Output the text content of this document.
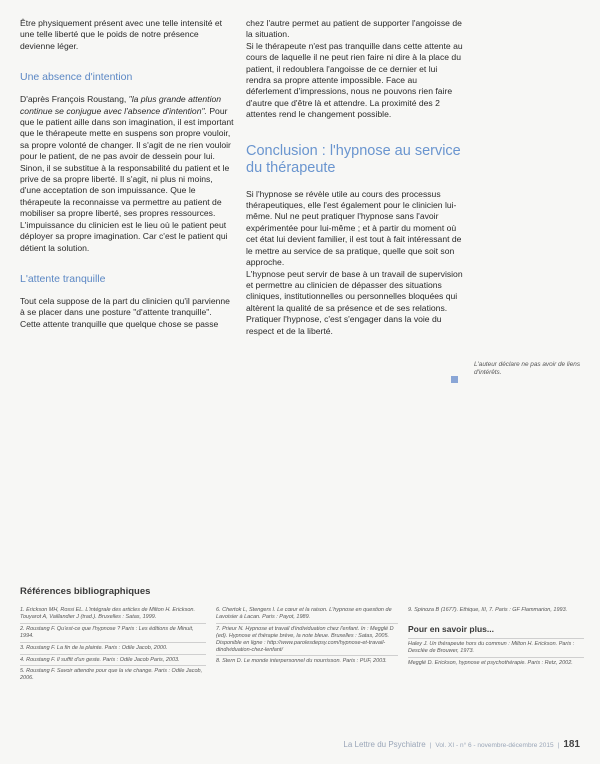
Être physiquement présent avec une telle intensité et une telle liberté que le poids de notre présence devienne léger.

Une absence d'intention

D'après François Roustang, "la plus grande attention continue se conjugue avec l'absence d'intention". Pour que le patient aille dans son imagination, il est important que le thérapeute mette en suspens son propre vouloir, sa propre volonté de changer. Il s'agit de ne rien vouloir pour le patient, de ne pas avoir de dessein pour lui. Sinon, il se substitue à la responsabilité du patient et le prive de sa propre liberté. Il s'agit, ni plus ni moins, d'une acceptation de son impuissance. Que le thérapeute la reconnaisse va permettre au patient de mobiliser sa propre liberté, ses propres ressources. L'impuissance du clinicien est le lieu où le patient peut déployer sa propre imagination. Car c'est le patient qui détient la solution.

L'attente tranquille

Tout cela suppose de la part du clinicien qu'il parvienne à se placer dans une posture "d'attente tranquille". Cette attente tranquille que quelque chose se passe

chez l'autre permet au patient de supporter l'angoisse de la situation.

Si le thérapeute n'est pas tranquille dans cette attente au cours de laquelle il ne peut rien faire ni dire à la place du patient, il redoublera l'angoisse de ce dernier et lui rendra sa propre attente impossible. Face au déferlement d'impressions, nous ne pouvons rien faire d'autre que d'être là et attendre. La proximité des 2 attentes rend le changement possible.

Conclusion : l'hypnose au service du thérapeute

Si l'hypnose se révèle utile au cours des processus thérapeutiques, elle l'est également pour le clinicien lui-même. Nul ne peut pratiquer l'hypnose sans l'avoir expérimentée pour lui-même ; et à partir du moment où cet état lui devient familier, il est tout à fait intéressant de le mettre au service de sa pratique, quelle que soit son approche.

L'hypnose peut servir de base à un travail de supervision et permettre au clinicien de dépasser des situations cliniques, institutionnelles ou personnelles bloquées qui altèrent la qualité de sa présence et de ses relations. Pratiquer l'hypnose, c'est s'engager dans la voie du respect et de la liberté.

L'auteur déclare ne pas avoir de liens d'intérêts.
Références bibliographiques
1. Erickson MH, Rossi EL. L'intégrale des articles de Milton H. Erickson. Touyarot A, Vaillandier J (trad.). Bruxelles : Satas, 1999.
2. Roustang F. Qu'est-ce que l'hypnose ? Paris : Les éditions de Minuit, 1994.
3. Roustang F. La fin de la plainte. Paris : Odile Jacob, 2000.
4. Roustang F. Il suffit d'un geste. Paris : Odile Jacob Paris, 2003.
5. Roustang F. Savoir attendre pour que la vie change. Paris : Odile Jacob, 2006.
6. Chertok L, Stengers I. Le cœur et la raison. L'hypnose en question de Lavoisier à Lacan. Paris : Payot, 1989.
7. Prieur N. Hypnose et travail d'individuation chez l'enfant. In : Megglé D (ed). Hypnose et thérapie brève, la note bleue. Bruxelles : Satas, 2005. Disponible en ligne : http://www.parolesdepsy.com/hypnose-et-travail-dindividuation-chez-lenfant/
8. Stern D. Le monde interpersonnel du nourrisson. Paris : PUF, 2003.
9. Spinoza B (1677). Ethique, III, 7. Paris : GF Flammarion, 1993.
Pour en savoir plus...
Haley J. Un thérapeute hors du commun : Milton H. Erickson. Paris : Desclée de Brouwer, 1973.
Megglé D. Erickson, hypnose et psychothérapie. Paris : Retz, 2002.
La Lettre du Psychiatre | Vol. XI - n° 6 - novembre-décembre 2015 | 181
